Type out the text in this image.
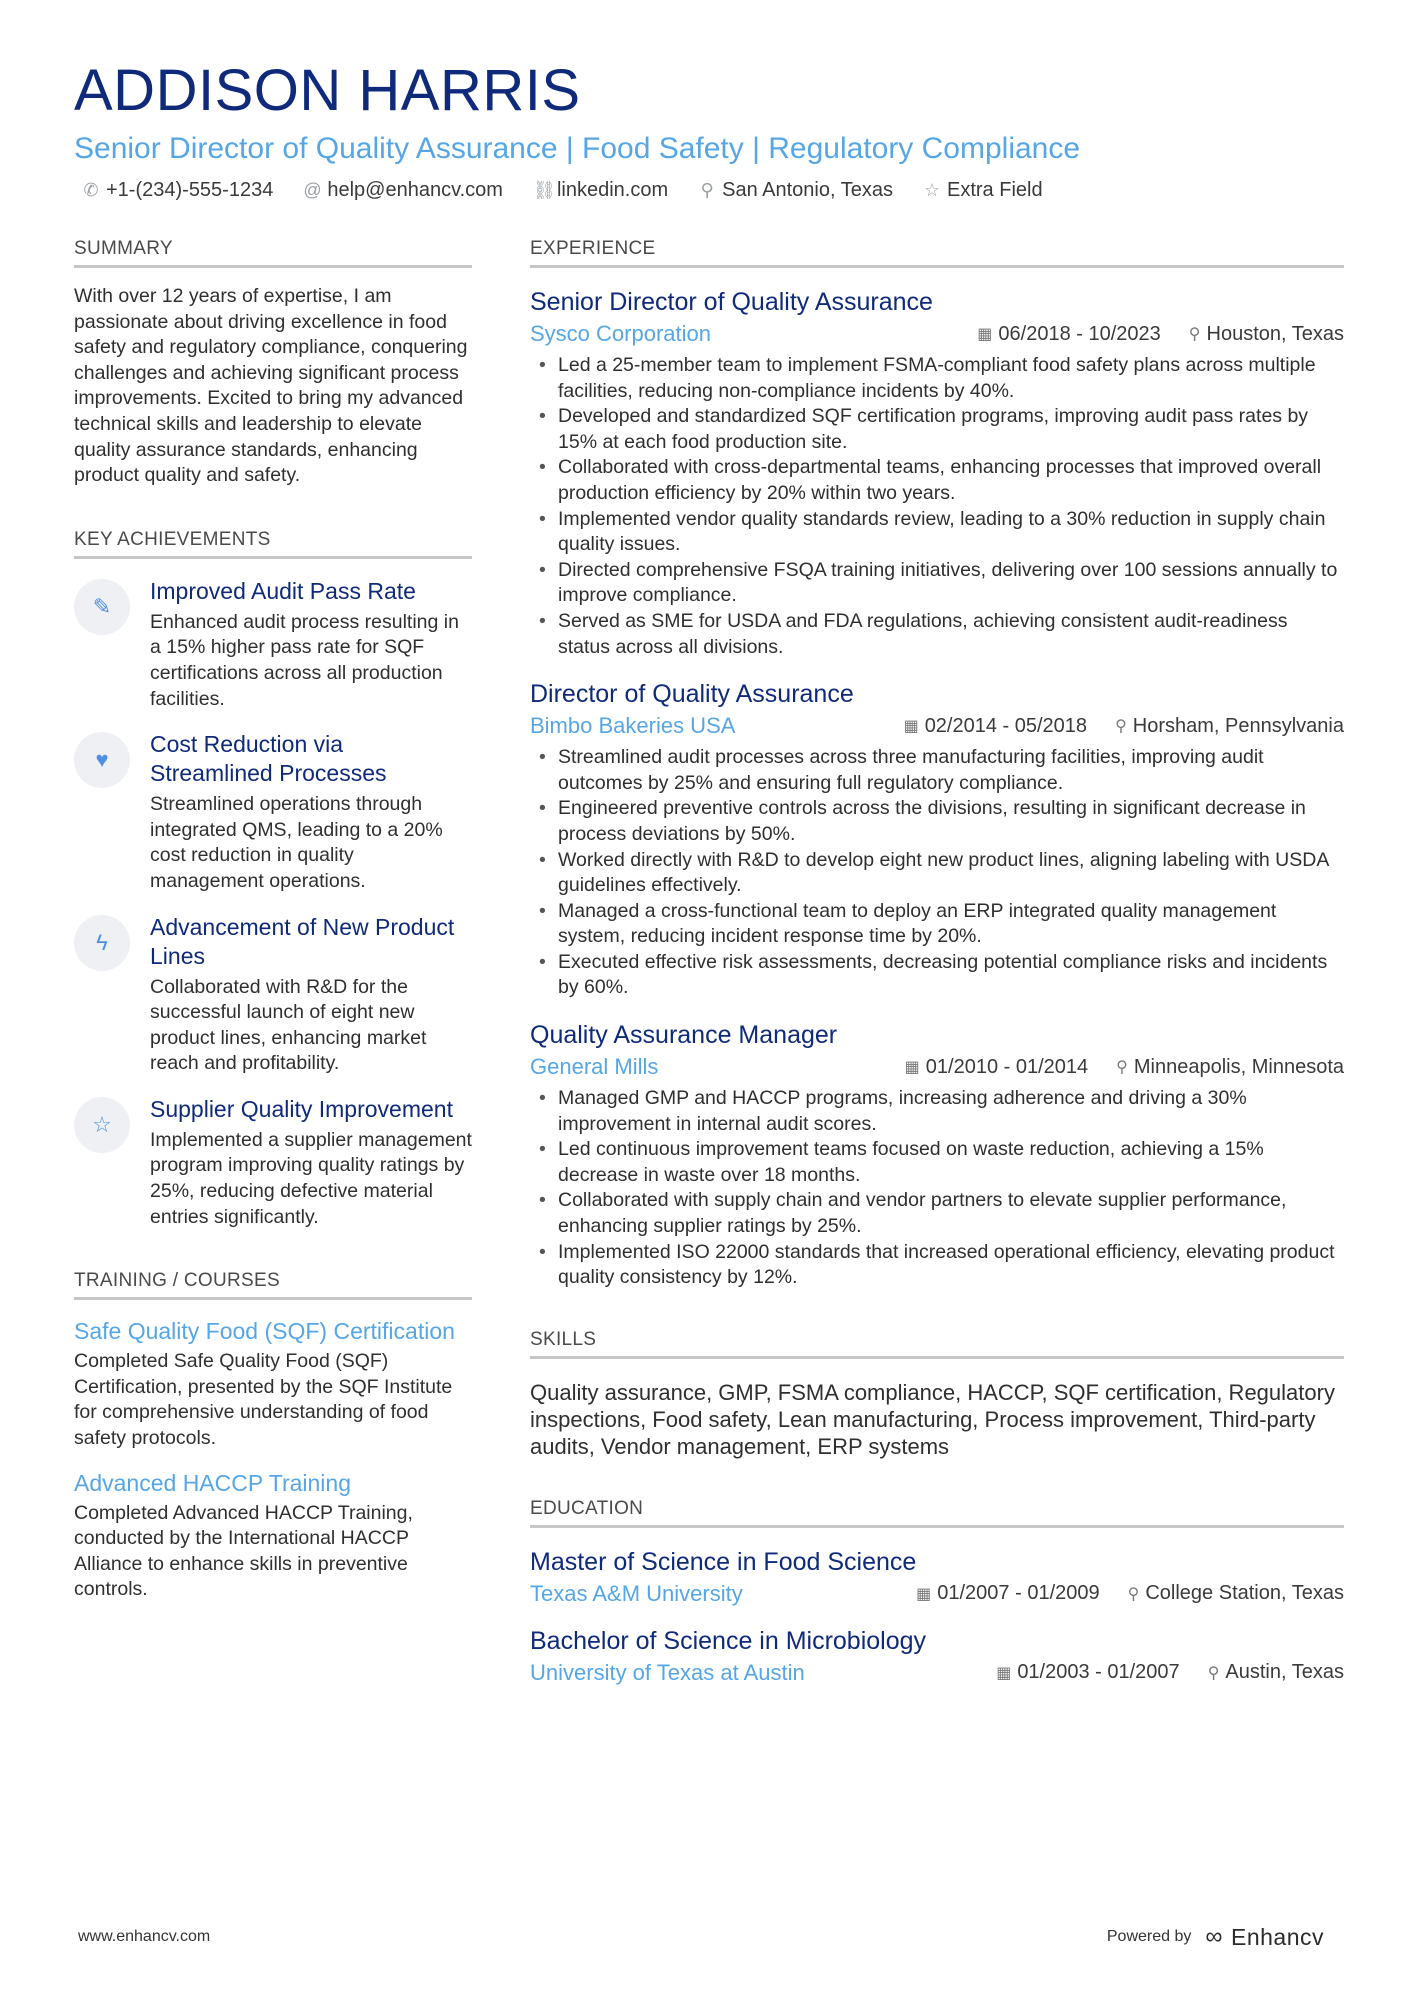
ADDISON HARRIS
Senior Director of Quality Assurance | Food Safety | Regulatory Compliance
✆ +1-(234)-555-1234 @ help@enhancv.com ⛓ linkedin.com ⚲ San Antonio, Texas ☆ Extra Field
SUMMARY
With over 12 years of expertise, I am passionate about driving excellence in food safety and regulatory compliance, conquering challenges and achieving significant process improvements. Excited to bring my advanced technical skills and leadership to elevate quality assurance standards, enhancing product quality and safety.
KEY ACHIEVEMENTS
✎
Improved Audit Pass Rate
Enhanced audit process resulting in a 15% higher pass rate for SQF certifications across all production facilities.
♥
Cost Reduction via Streamlined Processes
Streamlined operations through integrated QMS, leading to a 20% cost reduction in quality management operations.
ϟ
Advancement of New Product Lines
Collaborated with R&D for the successful launch of eight new product lines, enhancing market reach and profitability.
☆
Supplier Quality Improvement
Implemented a supplier management program improving quality ratings by 25%, reducing defective material entries significantly.
TRAINING / COURSES
Safe Quality Food (SQF) Certification
Completed Safe Quality Food (SQF) Certification, presented by the SQF Institute for comprehensive understanding of food safety protocols.
Advanced HACCP Training
Completed Advanced HACCP Training, conducted by the International HACCP Alliance to enhance skills in preventive controls.
EXPERIENCE
Senior Director of Quality Assurance
Sysco Corporation	▦ 06/2018 - 10/2023 ⚲ Houston, Texas
• Led a 25-member team to implement FSMA-compliant food safety plans across multiple facilities, reducing non-compliance incidents by 40%.
• Developed and standardized SQF certification programs, improving audit pass rates by 15% at each food production site.
• Collaborated with cross-departmental teams, enhancing processes that improved overall production efficiency by 20% within two years.
• Implemented vendor quality standards review, leading to a 30% reduction in supply chain quality issues.
• Directed comprehensive FSQA training initiatives, delivering over 100 sessions annually to improve compliance.
• Served as SME for USDA and FDA regulations, achieving consistent audit-readiness status across all divisions.
Director of Quality Assurance
Bimbo Bakeries USA	▦ 02/2014 - 05/2018 ⚲ Horsham, Pennsylvania
• Streamlined audit processes across three manufacturing facilities, improving audit outcomes by 25% and ensuring full regulatory compliance.
• Engineered preventive controls across the divisions, resulting in significant decrease in process deviations by 50%.
• Worked directly with R&D to develop eight new product lines, aligning labeling with USDA guidelines effectively.
• Managed a cross-functional team to deploy an ERP integrated quality management system, reducing incident response time by 20%.
• Executed effective risk assessments, decreasing potential compliance risks and incidents by 60%.
Quality Assurance Manager
General Mills	▦ 01/2010 - 01/2014 ⚲ Minneapolis, Minnesota
• Managed GMP and HACCP programs, increasing adherence and driving a 30% improvement in internal audit scores.
• Led continuous improvement teams focused on waste reduction, achieving a 15% decrease in waste over 18 months.
• Collaborated with supply chain and vendor partners to elevate supplier performance, enhancing supplier ratings by 25%.
• Implemented ISO 22000 standards that increased operational efficiency, elevating product quality consistency by 12%.
SKILLS
Quality assurance, GMP, FSMA compliance, HACCP, SQF certification, Regulatory inspections, Food safety, Lean manufacturing, Process improvement, Third-party audits, Vendor management, ERP systems
EDUCATION
Master of Science in Food Science
Texas A&M University	▦ 01/2007 - 01/2009 ⚲ College Station, Texas
Bachelor of Science in Microbiology
University of Texas at Austin	▦ 01/2003 - 01/2007 ⚲ Austin, Texas
www.enhancv.com	Powered by ∞ Enhancv
